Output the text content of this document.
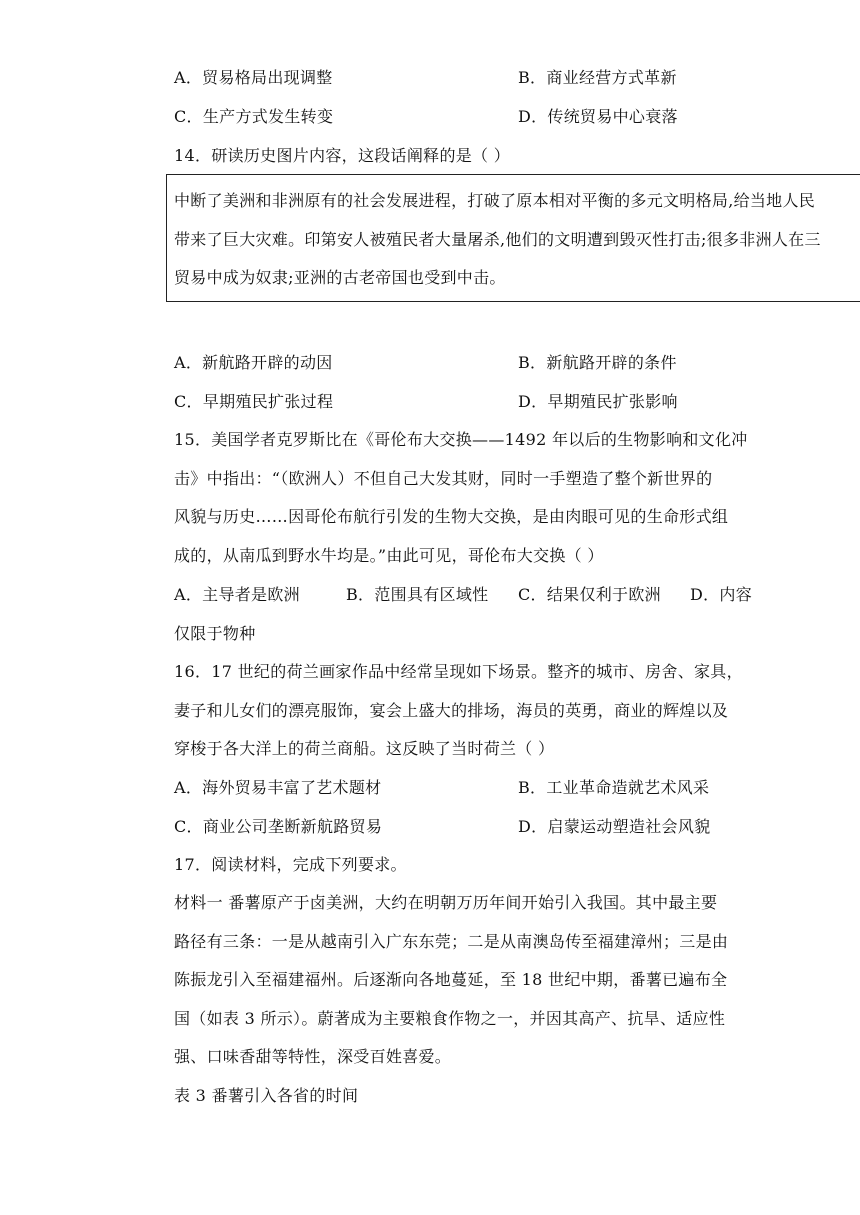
A．贸易格局出现调整	B．商业经营方式革新
C．生产方式发生转变	D．传统贸易中心衰落
14．研读历史图片内容，这段话阐释的是（ ）
中断了美洲和非洲原有的社会发展进程，打破了原本相对平衡的多元文明格局,给当地人民
带来了巨大灾难。印第安人被殖民者大量屠杀,他们的文明遭到毁灭性打击;很多非洲人在三
贸易中成为奴隶;亚洲的古老帝国也受到中击。
A．新航路开辟的动因	B．新航路开辟的条件
C．早期殖民扩张过程	D．早期殖民扩张影响
15．美国学者克罗斯比在《哥伦布大交换——1492 年以后的生物影响和文化冲
击》中指出：“（欧洲人）不但自己大发其财，同时一手塑造了整个新世界的
风貌与历史……因哥伦布航行引发的生物大交换，是由肉眼可见的生命形式组
成的，从南瓜到野水牛均是。”由此可见，哥伦布大交换（ ）
A．主导者是欧洲	B．范围具有区域性 C．结果仅利于欧洲 D．内容
仅限于物种
16．17 世纪的荷兰画家作品中经常呈现如下场景。整齐的城市、房舍、家具，
妻子和儿女们的漂亮服饰，宴会上盛大的排场，海员的英勇，商业的辉煌以及
穿梭于各大洋上的荷兰商船。这反映了当时荷兰（ ）
A．海外贸易丰富了艺术题材	B．工业革命造就艺术风采
C．商业公司垄断新航路贸易	D．启蒙运动塑造社会风貌
17．阅读材料，完成下列要求。
材料一 番薯原产于卤美洲，大约在明朝万历年间开始引入我国。其中最主要
路径有三条：一是从越南引入广东东莞；二是从南澳岛传至福建漳州；三是由
陈振龙引入至福建福州。后逐渐向各地蔓延，至 18 世纪中期，番薯已遍布全
国（如表 3 所示）。蔚著成为主要粮食作物之一，并因其高产、抗旱、适应性
强、口味香甜等特性，深受百姓喜爱。
表 3 番薯引入各省的时间
